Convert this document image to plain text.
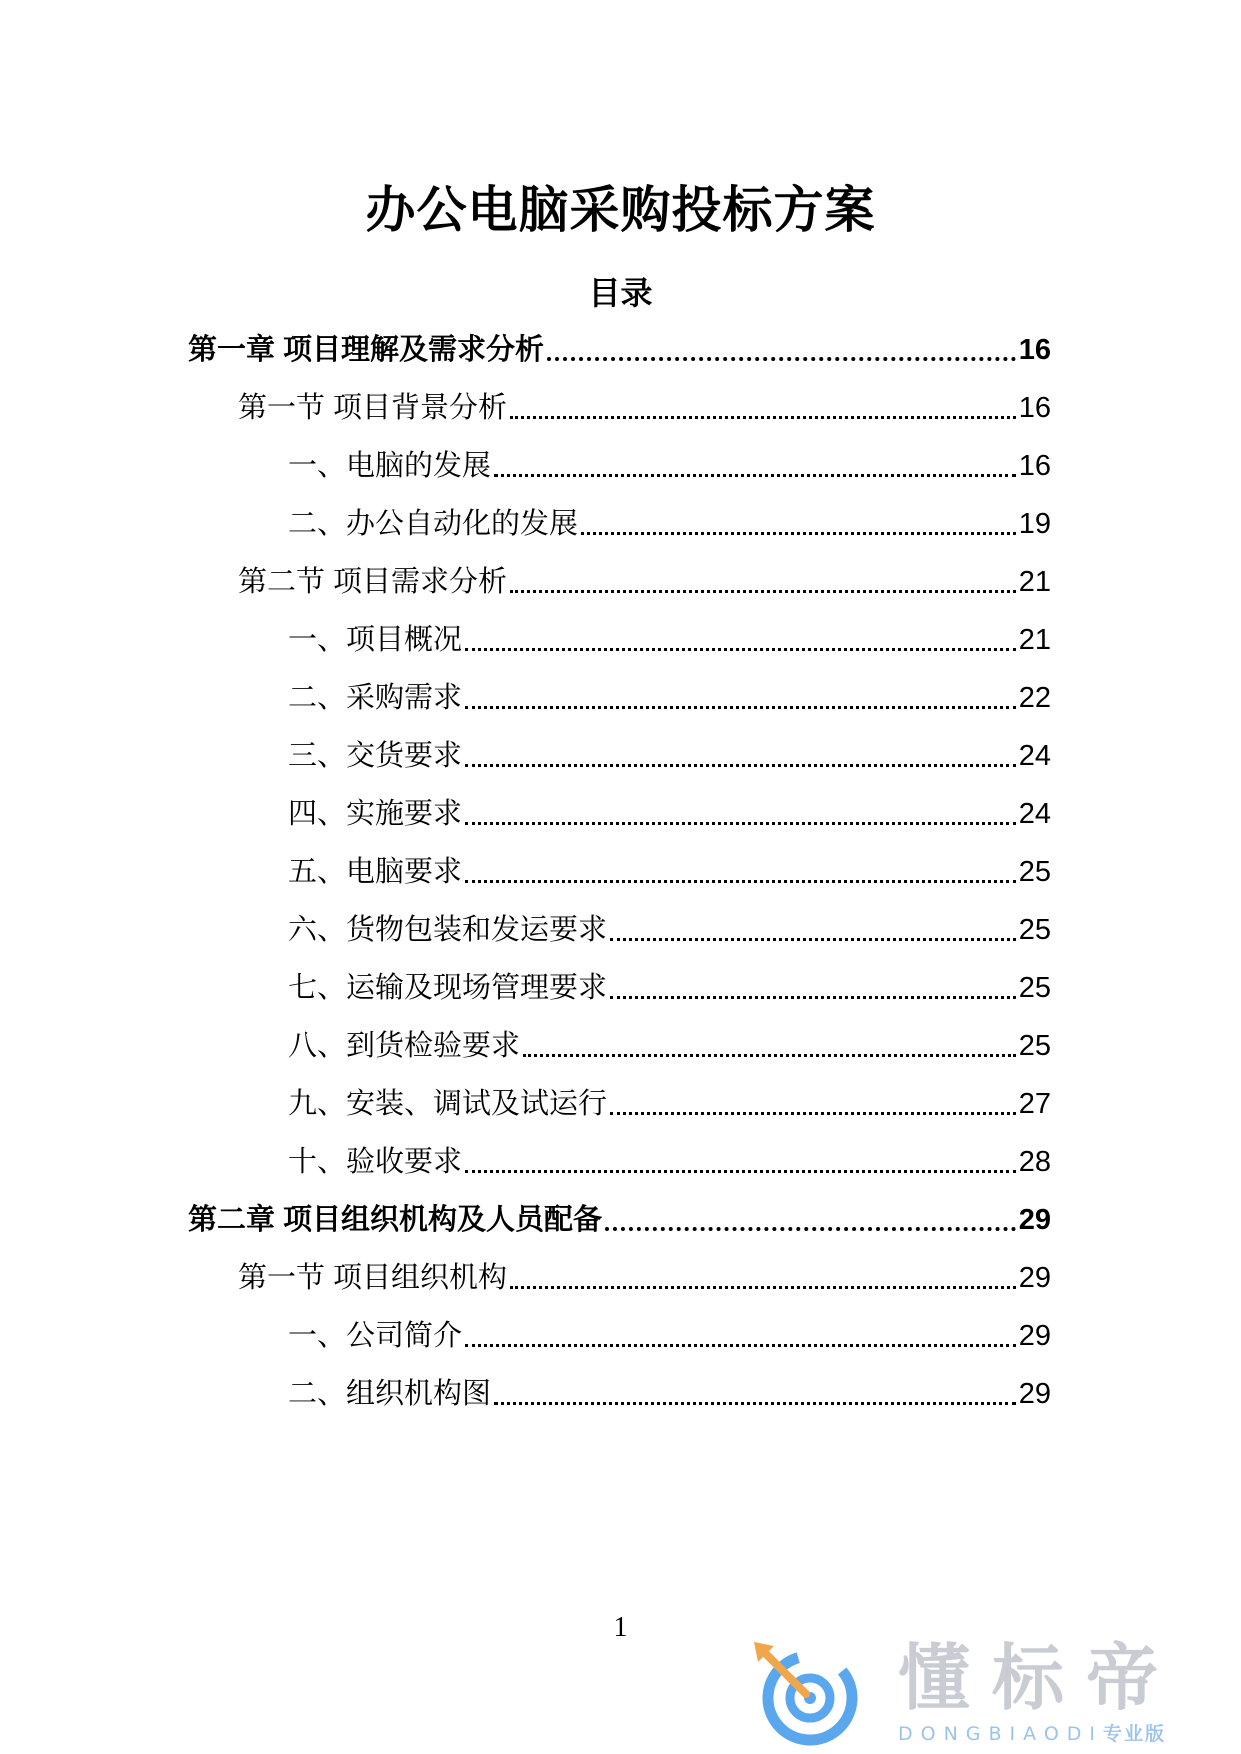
办公电脑采购投标方案
目录
第一章 项目理解及需求分析	16
第一节 项目背景分析	16
一、电脑的发展	16
二、办公自动化的发展	19
第二节 项目需求分析	21
一、项目概况	21
二、采购需求	22
三、交货要求	24
四、实施要求	24
五、电脑要求	25
六、货物包装和发运要求	25
七、运输及现场管理要求	25
八、到货检验要求	25
九、安装、调试及试运行	27
十、验收要求	28
第二章 项目组织机构及人员配备	29
第一节 项目组织机构	29
一、公司简介	29
二、组织机构图	29
1
懂标帝
DONGBIAODI专业版
